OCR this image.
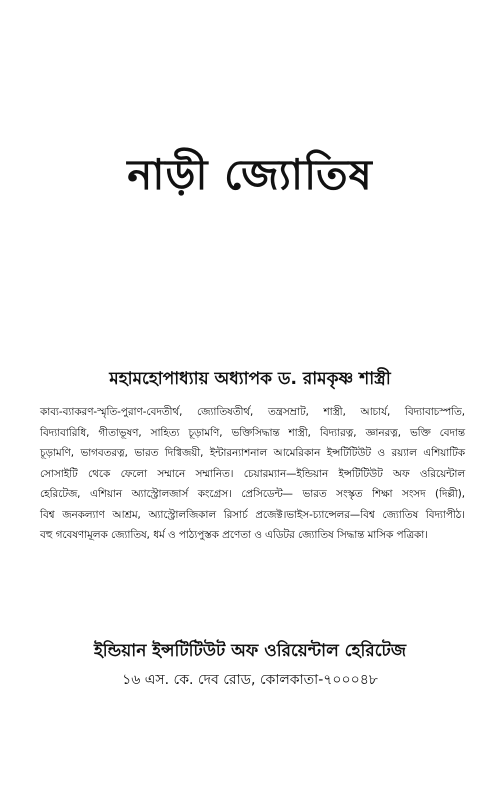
নাড়ী জ্যোতিষ
মহামহোপাধ্যায় অধ্যাপক ড. রামকৃষ্ণ শাস্ত্রী

কাব্য-ব্যাকরণ-স্মৃতি-পুরাণ-বেদতীর্থ, জ্যোতিষতীর্থ, তন্ত্রসম্রাট, শাস্ত্রী, আচার্য, বিদ্যাবাচস্পতি,

বিদ্যাবারিধি, গীতাভূষণ, সাহিত্য চূড়ামণি, ভক্তিসিদ্ধান্ত শাস্ত্রী, বিদ্যারত্ন, জ্ঞানরত্ন, ভক্তি বেদান্ত

চূড়ামণি, ভাগবতরত্ন, ভারত দিগ্বিজয়ী, ইন্টারন্যাশনাল আমেরিকান ইন্সটিটিউট ও রয়্যাল এশিয়াটিক

সোসাইটি থেকে ফেলো সম্মানে সম্মানিত। চেয়ারম্যান—ইন্ডিয়ান ইন্সটিটিউট অফ ওরিয়েন্টাল

হেরিটেজ, এশিয়ান অ্যাস্ট্রোলজার্স কংগ্রেস। প্রেসিডেন্ট— ভারত সংস্কৃত শিক্ষা সংসদ (দিল্লী),

বিশ্ব জনকল্যাণ আশ্রম, অ্যাস্ট্রোলজিকাল রিসার্চ প্রজেক্ট।ভাইস-চ্যান্সেলর—বিশ্ব জ্যোতিষ বিদ্যাপীঠ।

বহু গবেষণামূলক জ্যোতিষ, ধর্ম ও পাঠ্যপুস্তক প্রণেতা ও এডিটর জ্যোতিষ সিদ্ধান্ত মাসিক পত্রিকা।

ইন্ডিয়ান ইন্সটিটিউট অফ ওরিয়েন্টাল হেরিটেজ
১৬ এস. কে. দেব রোড, কোলকাতা-৭০০০৪৮
